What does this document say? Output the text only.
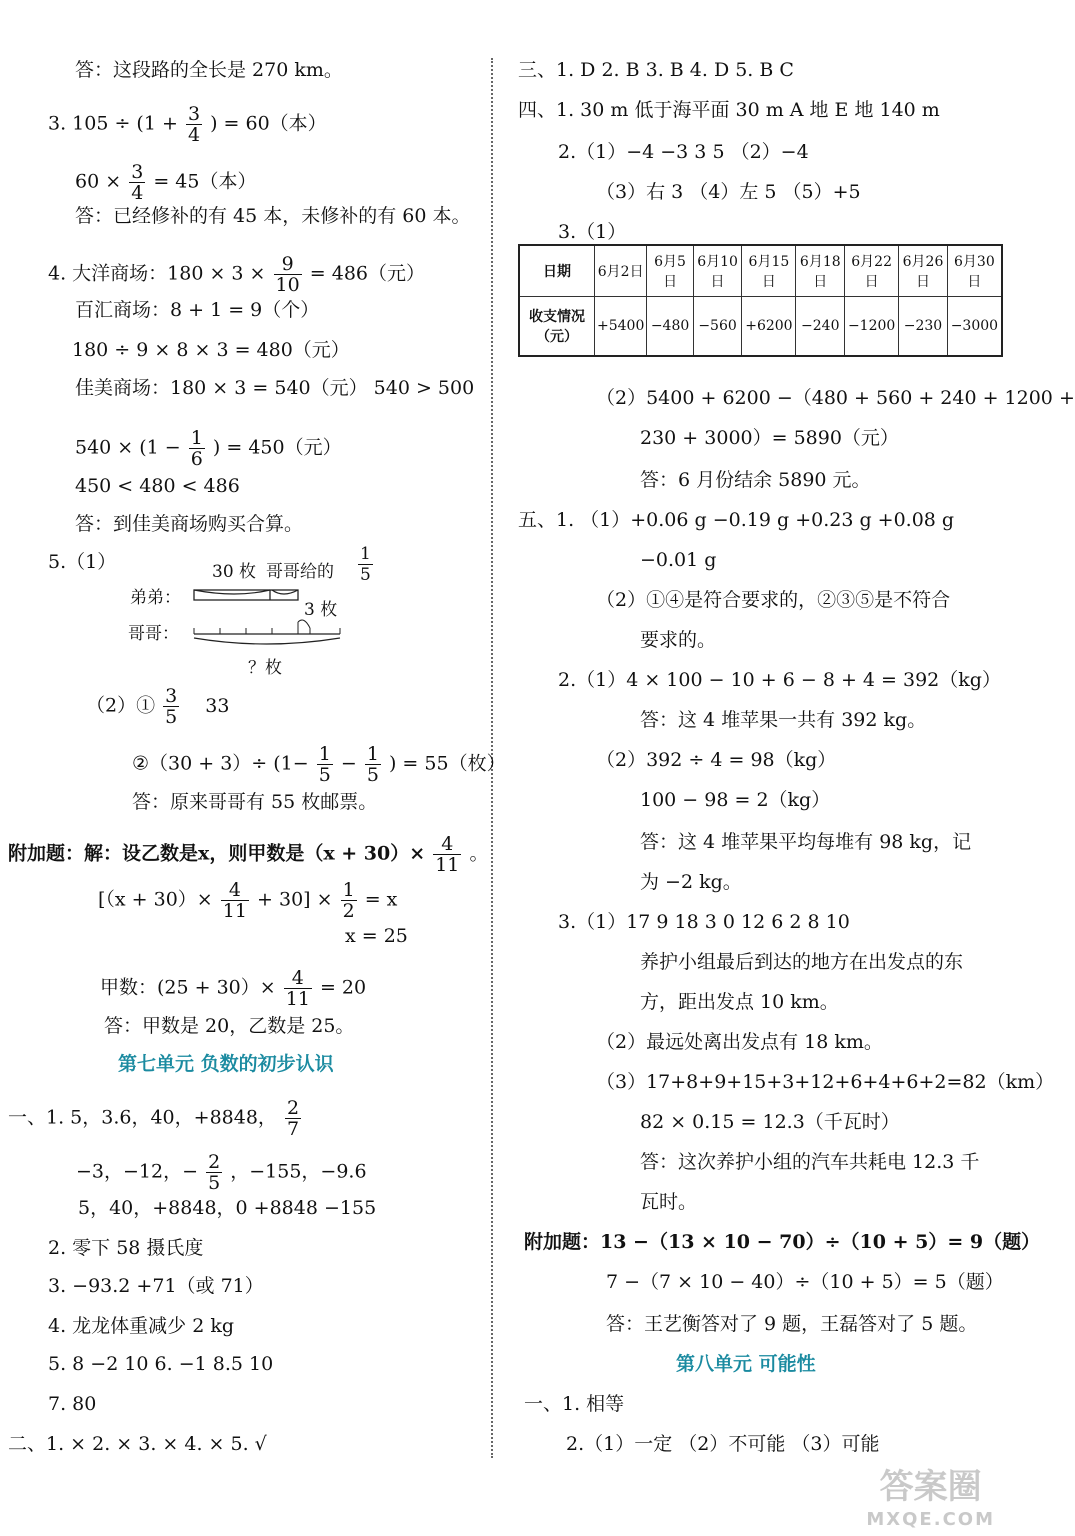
答：这段路的全长是 270 km。
3. $105 \div (1 + \frac{3}{4}$ ) = 60（本）
$60 \times \frac{3}{4} = 45$（本）
答：已经修补的有 45 本，未修补的有 60 本。
4. 大洋商场：$180 \times 3 \times \frac{9}{10} = 486$（元）
百汇商场：8 + 1 = 9（个）
180 ÷ 9 × 8 × 3 = 480（元）
佳美商场：180 × 3 = 540（元） 540 > 500
$540 \times (1 - \frac{1}{6}$ ) = 450（元）
450 < 480 < 486
答：到佳美商场购买合算。
5.（1）	30 枚 哥哥给的 $\frac{1}{5}$
弟弟：
3 枚
哥哥：
？枚
（2）① $\frac{3}{5} 33$
②（30 + $3)\div (1- \frac{1}{5} - \frac{1}{5}$ ) = 55（枚）
答：原来哥哥有 55 枚邮票。
附加题：解：设乙数是x，则甲数是$(x + 30)\times \frac{4}{11}$ 。
$[(x + 30)\times \frac{4}{11} + 30] \times \frac{1}{2} = x$
x = 25
甲数：$(25 + 30)\times \frac{4}{11} = 20$
答：甲数是 20，乙数是 25。
第七单元 负数的初步认识
一、1. 5，3.6，40，+8848， $\frac{2}{7}$
−3，−12，− $\frac{2}{5}$ ，−155，−9.6
5，40，+8848，0 +8848 −155
2. 零下 58 摄氏度
3. −93.2 +71（或 71）
4. 龙龙体重减少 2 kg
5. 8 −2 10 6. −1 8.5 10
7. 80
二、1. × 2. × 3. × 4. × 5. √
三、1. D 2. B 3. B 4. D 5. B C
四、1. 30 m 低于海平面 30 m A 地 E 地 140 m
2.（1）−4 −3 3 5 （2）−4
（3）右 3 （4）左 5 （5）+5
3.（1）
日期	6月2日	6月5日	6月10日	6月15日	6月18日	6月22日	6月26日	6月30日
收支情况（元）	+5400	−480	−560	+6200	−240	−1200	−230	−3000
（2）5400 + 6200 −（480 + 560 + 240 + 1200 +
230 + 3000）= 5890（元）
答：6 月份结余 5890 元。
五、1. （1）+0.06 g −0.19 g +0.23 g +0.08 g
−0.01 g
（2）①④是符合要求的，②③⑤是不符合
要求的。
2.（1）4 × 100 − 10 + 6 − 8 + 4 = 392（kg）
答：这 4 堆苹果一共有 392 kg。
（2）392 ÷ 4 = 98（kg）
100 − 98 = 2（kg）
答：这 4 堆苹果平均每堆有 98 kg，记
为 −2 kg。
3.（1）17 9 18 3 0 12 6 2 8 10
养护小组最后到达的地方在出发点的东
方，距出发点 10 km。
（2）最远处离出发点有 18 km。
（3）17+8+9+15+3+12+6+4+6+2=82（km）
82 × 0.15 = 12.3（千瓦时）
答：这次养护小组的汽车共耗电 12.3 千
瓦时。
附加题：13 −（13 × 10 − 70）÷（10 + 5）= 9（题）
7 −（7 × 10 − 40）÷（10 + 5）= 5（题）
答：王艺衡答对了 9 题，王磊答对了 5 题。
第八单元 可能性
一、1. 相等
2.（1）一定 （2）不可能 （3）可能
答案圈
MXQE.COM
